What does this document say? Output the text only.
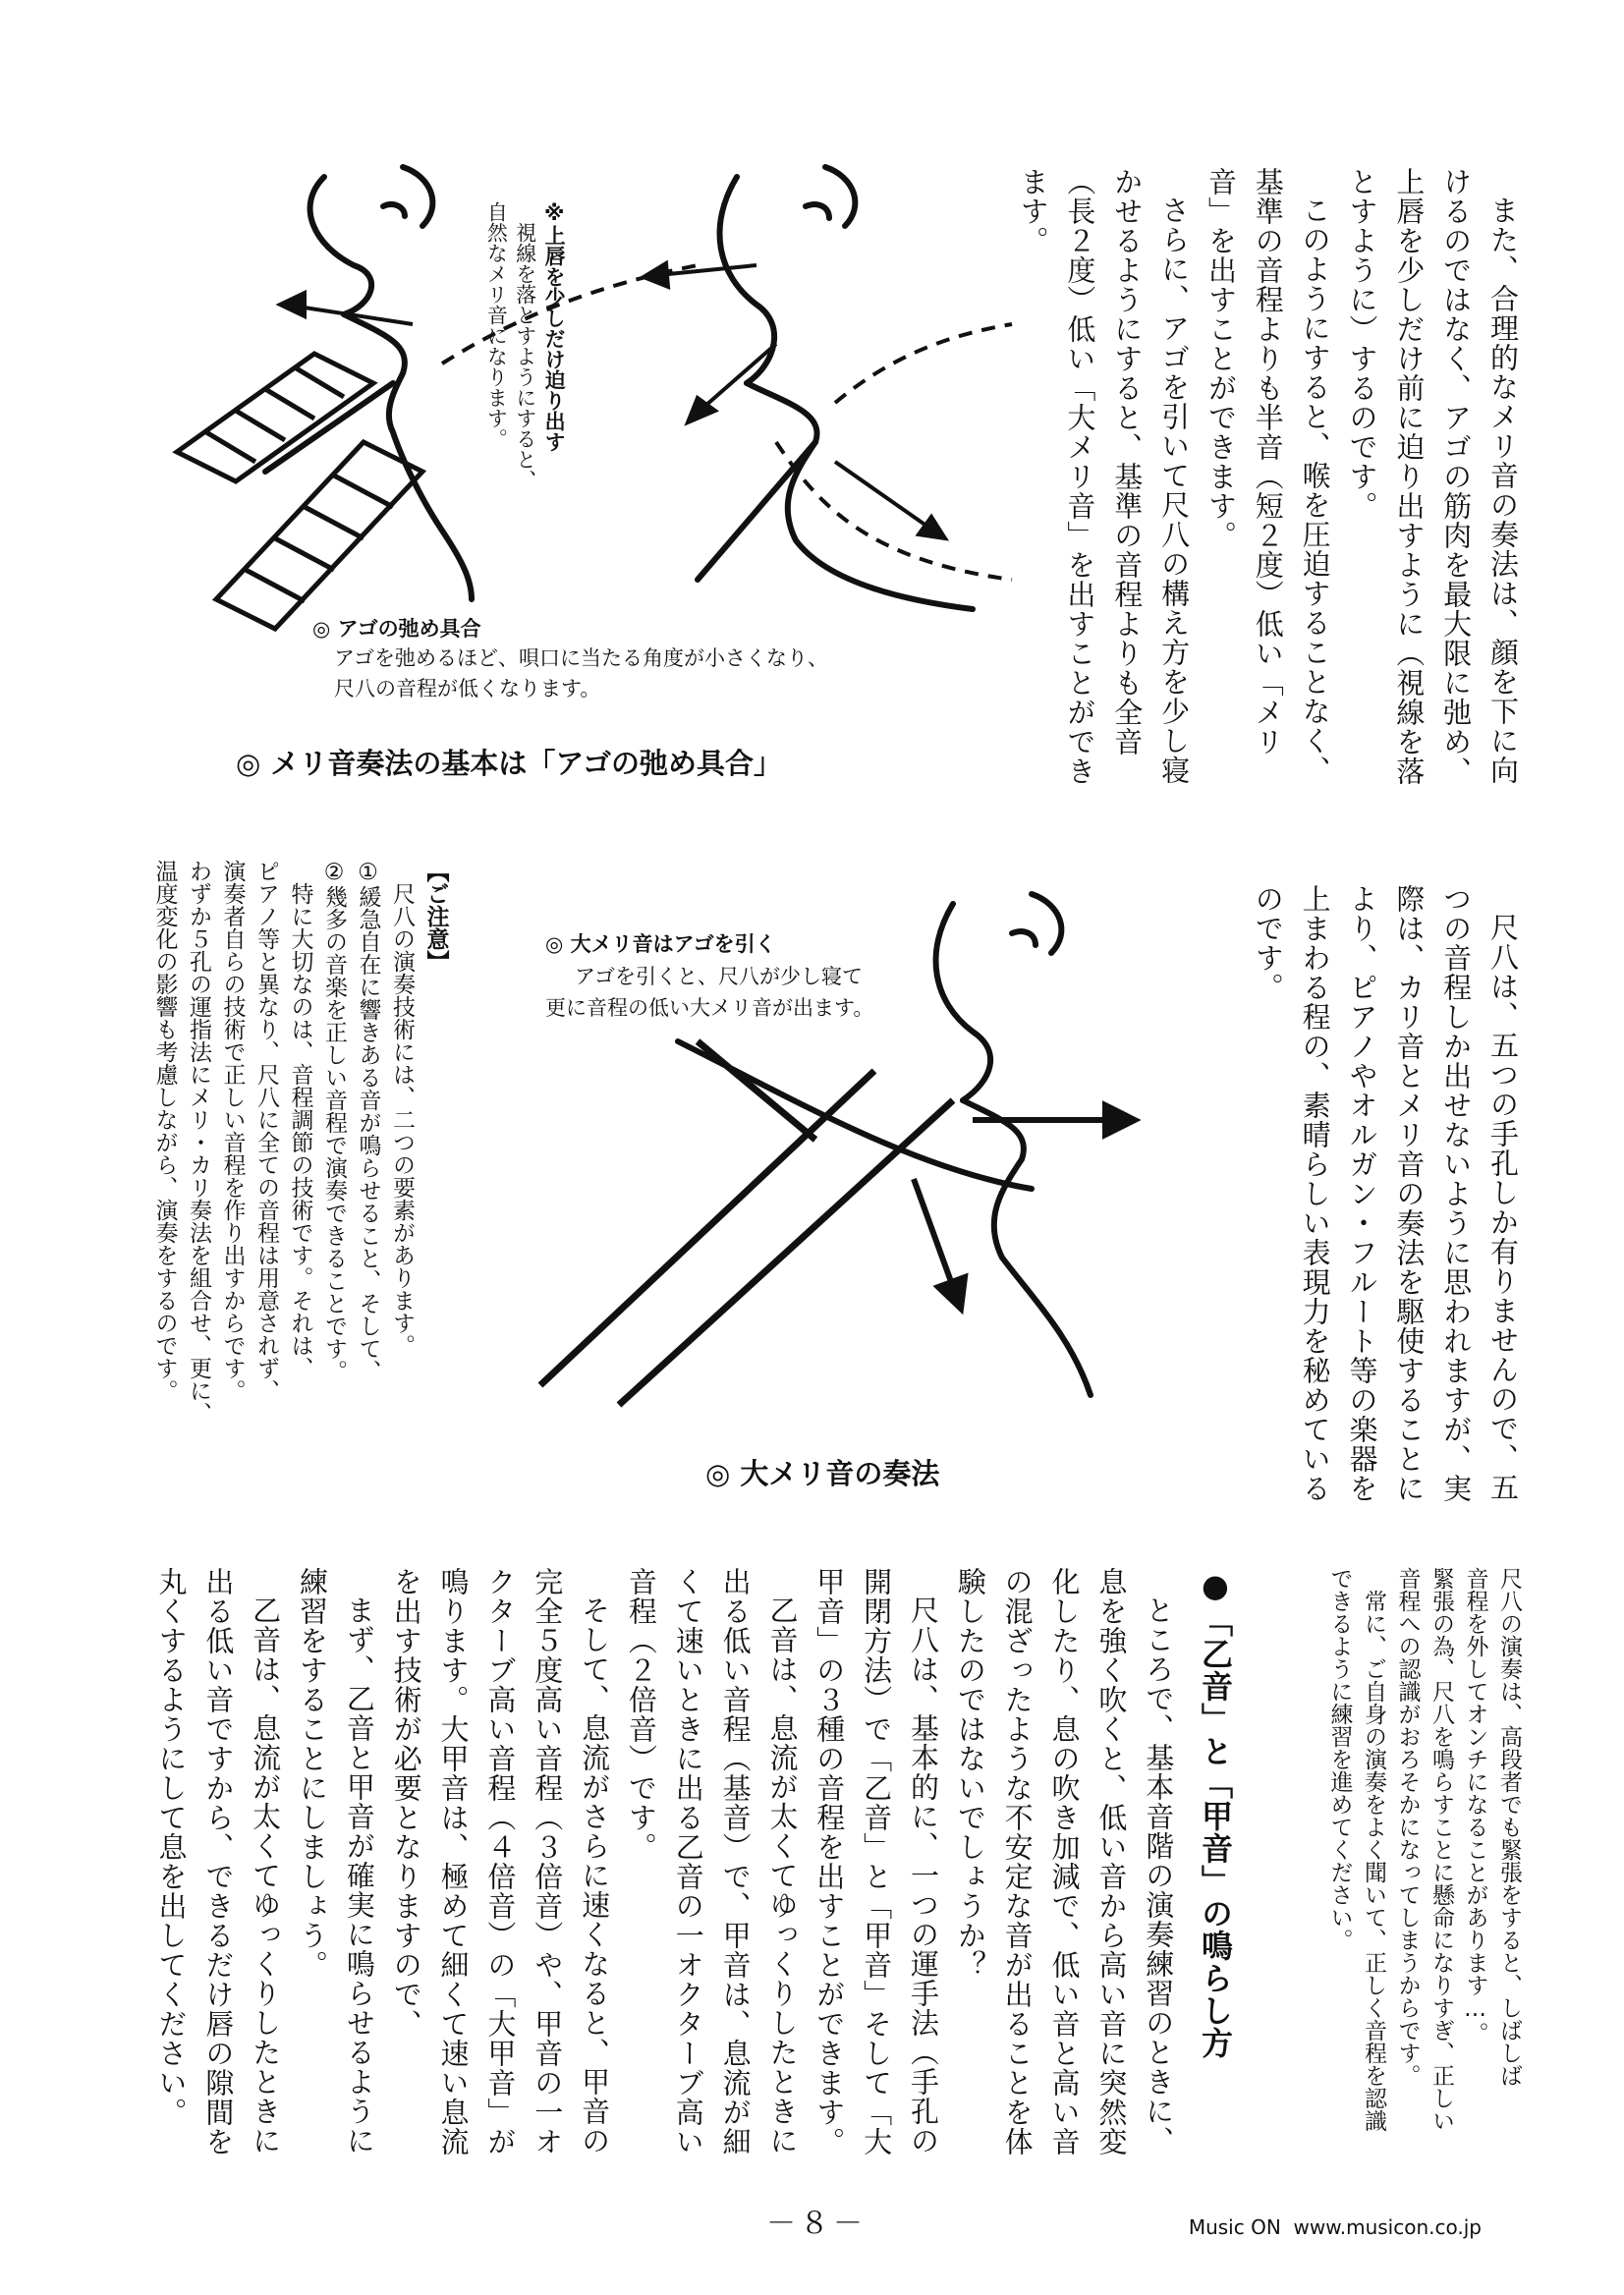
また、合理的なメリ音の奏法は、顔を下に向けるのではなく、アゴの筋肉を最大限に弛め、上唇を少しだけ前に迫り出すように（視線を落とすように）するのです。

このようにすると、喉を圧迫することなく、基準の音程よりも半音（短２度）低い「メリ音」を出すことができます。

さらに、アゴを引いて尺八の構え方を少し寝かせるようにすると、基準の音程よりも全音（長２度）低い「大メリ音」を出すことができます。

※上唇を少しだけ迫り出す

視線を落とすようにすると、

自然なメリ音になります。

◎ アゴの弛め具合
アゴを弛めるほど、唄口に当たる角度が小さくなり、
尺八の音程が低くなります。
◎ メリ音奏法の基本は「アゴの弛め具合」

尺八は、五つの手孔しか有りませんので、五つの音程しか出せないように思われますが、実際は、カリ音とメリ音の奏法を駆使することにより、ピアノやオルガン・フルート等の楽器を上まわる程の、素晴らしい表現力を秘めているのです。

◎ 大メリ音はアゴを引く
アゴを引くと、尺八が少し寝て
更に音程の低い大メリ音が出ます。
◎ 大メリ音の奏法

【ご注意】

尺八の演奏技術には、二つの要素があります。

①緩急自在に響きある音が鳴らせること、そして、

②幾多の音楽を正しい音程で演奏できることです。

特に大切なのは、音程調節の技術です。それは、

ピアノ等と異なり、尺八に全ての音程は用意されず、

演奏者自らの技術で正しい音程を作り出すからです。

わずか５孔の運指法にメリ・カリ奏法を組合せ、更に、

温度変化の影響も考慮しながら、演奏をするのです。

尺八の演奏は、高段者でも緊張をすると、しばしば

音程を外してオンチになることがあります…。

緊張の為、尺八を鳴らすことに懸命になりすぎ、正しい

音程への認識がおろそかになってしまうからです。

常に、ご自身の演奏をよく聞いて、正しく音程を認識

できるように練習を進めてください。

●「乙音」と「甲音」の鳴らし方

ところで、基本音階の演奏練習のときに、息を強く吹くと、低い音から高い音に突然変化したり、息の吹き加減で、低い音と高い音の混ざったような不安定な音が出ることを体験したのではないでしょうか？

尺八は、基本的に、一つの運手法（手孔の開閉方法）で「乙音」と「甲音」そして「大甲音」の３種の音程を出すことができます。

乙音は、息流が太くてゆっくりしたときに出る低い音程（基音）で、甲音は、息流が細くて速いときに出る乙音の一オクターブ高い音程（２倍音）です。

そして、息流がさらに速くなると、甲音の完全５度高い音程（３倍音）や、甲音の一オクターブ高い音程（４倍音）の「大甲音」が鳴ります。大甲音は、極めて細くて速い息流を出す技術が必要となりますので、

まず、乙音と甲音が確実に鳴らせるように練習をすることにしましょう。

乙音は、息流が太くてゆっくりしたときに出る低い音ですから、できるだけ唇の隙間を丸くするようにして息を出してください。

－８－	Music ON  www.musicon.co.jp
